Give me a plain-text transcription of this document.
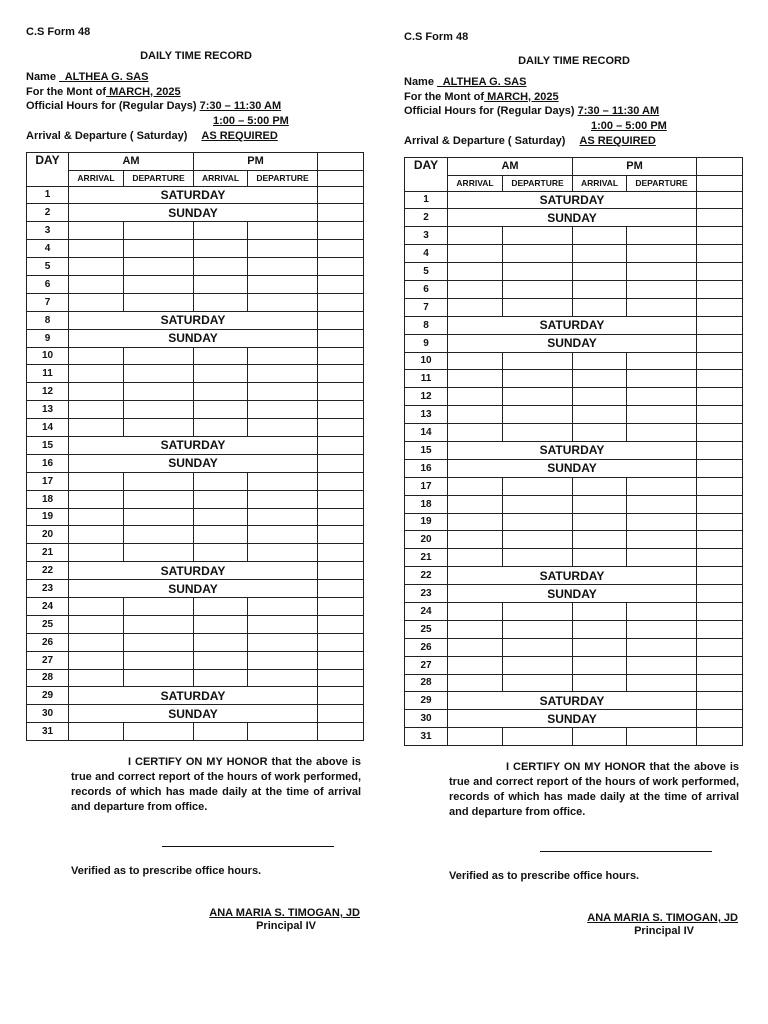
C.S Form 48
DAILY TIME RECORD
Name   ALTHEA G. SAS
For the Mont of MARCH, 2025
Official Hours for (Regular Days) 7:30 – 11:30 AM
1:00 – 5:00 PM
Arrival & Departure ( Saturday) AS REQUIRED
DAY	AM		PM		
	ARRIVAL	DEPARTURE	ARRIVAL	DEPARTURE	
1	SATURDAY				
2	SUNDAY				
3					
4					
5					
6					
7					
8	SATURDAY				
9	SUNDAY				
10					
11					
12					
13					
14					
15	SATURDAY				
16	SUNDAY				
17					
18					
19					
20					
21					
22	SATURDAY				
23	SUNDAY				
24					
25					
26					
27					
28					
29	SATURDAY				
30	SUNDAY				
31					
I CERTIFY ON MY HONOR that the above is true and correct report of the hours of work performed, records of which has made daily at the time of arrival and departure from office.
Verified as to prescribe office hours.
ANA MARIA S. TIMOGAN, JD
Principal IV
C.S Form 48
DAILY TIME RECORD
Name   ALTHEA G. SAS
For the Mont of MARCH, 2025
Official Hours for (Regular Days) 7:30 – 11:30 AM
1:00 – 5:00 PM
Arrival & Departure ( Saturday) AS REQUIRED
DAY	AM		PM		
	ARRIVAL	DEPARTURE	ARRIVAL	DEPARTURE	
1	SATURDAY				
2	SUNDAY				
3					
4					
5					
6					
7					
8	SATURDAY				
9	SUNDAY				
10					
11					
12					
13					
14					
15	SATURDAY				
16	SUNDAY				
17					
18					
19					
20					
21					
22	SATURDAY				
23	SUNDAY				
24					
25					
26					
27					
28					
29	SATURDAY				
30	SUNDAY				
31					
I CERTIFY ON MY HONOR that the above is true and correct report of the hours of work performed, records of which has made daily at the time of arrival and departure from office.
Verified as to prescribe office hours.
ANA MARIA S. TIMOGAN, JD
Principal IV
